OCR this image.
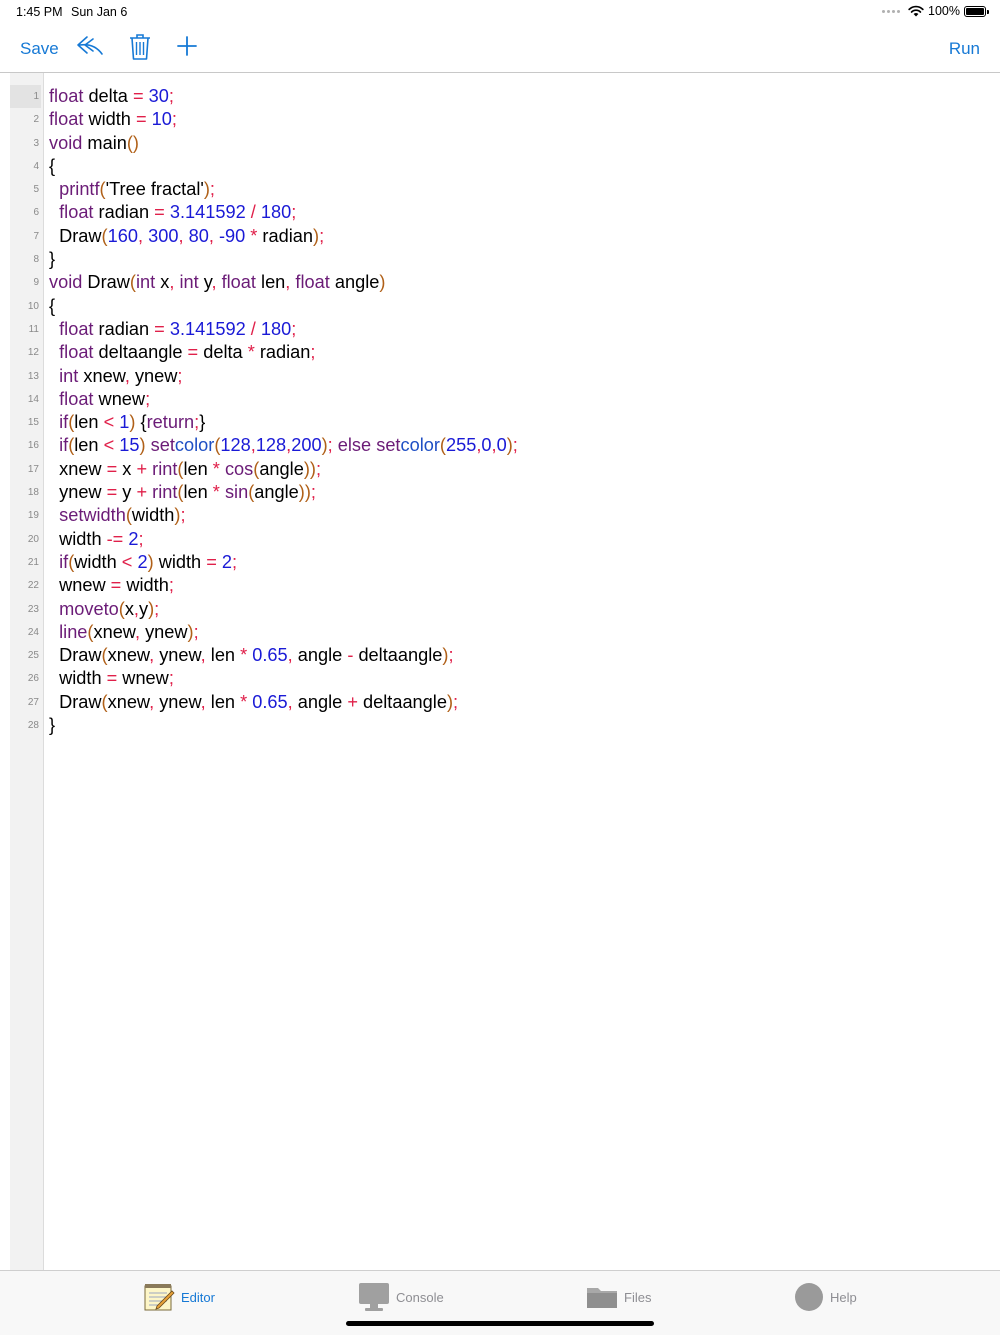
1:45 PM Sun Jan 6	100%
Save	Run
1 float delta = 30;
2 float width = 10;
3 void main()
4 {
5	printf('Tree fractal');
6	float radian = 3.141592 / 180;
7 Draw(160, 300, 80, -90 * radian);
8 }
9 void Draw(int x, int y, float len, float angle)
10 {
11	float radian = 3.141592 / 180;
12	float deltaangle = delta * radian;
13	int xnew, ynew;
14	float wnew;
15	if(len < 1) {return;}
16	if(len < 15) setcolor(128,128,200); else setcolor(255,0,0);
17 xnew = x + rint(len * cos(angle));
18 ynew = y + rint(len * sin(angle));
19	setwidth(width);
20 width -= 2;
21	if(width < 2) width = 2;
22 wnew = width;
23	moveto(x,y);
24	line(xnew, ynew);
25 Draw(xnew, ynew, len * 0.65, angle - deltaangle);
26 width = wnew;
27 Draw(xnew, ynew, len * 0.65, angle + deltaangle);
28 }
Editor	Console	Files	Help
